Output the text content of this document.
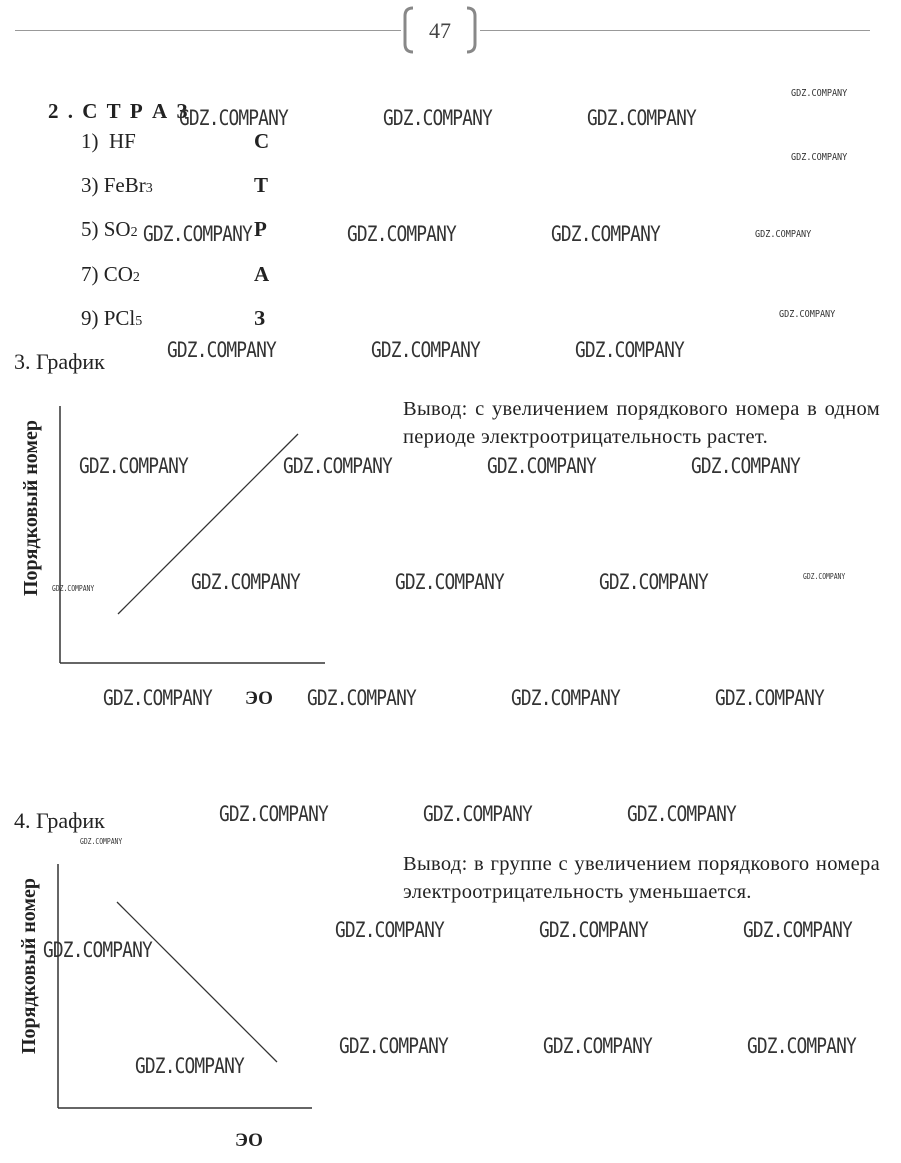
47
2 . С Т Р А З
1)  HF	С
3) FeBr3	Т
5) SO2	Р
7) CO2	А
9) PCl5	З
3. График
Вывод: с увеличением порядкового номера в одном периоде электроотрицательность растет.
Порядковый номер
ЭО
4. График
Вывод: в группе с увеличением порядкового номера электроотрицательность уменьшается.
Порядковый номер
ЭО
GDZ.COMPANY	GDZ.COMPANY	GDZ.COMPANY
GDZ.COMPANY	GDZ.COMPANY	GDZ.COMPANY
GDZ.COMPANY	GDZ.COMPANY	GDZ.COMPANY
GDZ.COMPANY	GDZ.COMPANY	GDZ.COMPANY	GDZ.COMPANY
GDZ.COMPANY	GDZ.COMPANY	GDZ.COMPANY
GDZ.COMPANY	GDZ.COMPANY	GDZ.COMPANY	GDZ.COMPANY
GDZ.COMPANY	GDZ.COMPANY	GDZ.COMPANY
GDZ.COMPANY	GDZ.COMPANY	GDZ.COMPANY
GDZ.COMPANY
GDZ.COMPANY	GDZ.COMPANY	GDZ.COMPANY
GDZ.COMPANY
GDZ.COMPANY
GDZ.COMPANY
GDZ.COMPANY
GDZ.COMPANY
GDZ.COMPANY
GDZ.COMPANY
GDZ.COMPANY
